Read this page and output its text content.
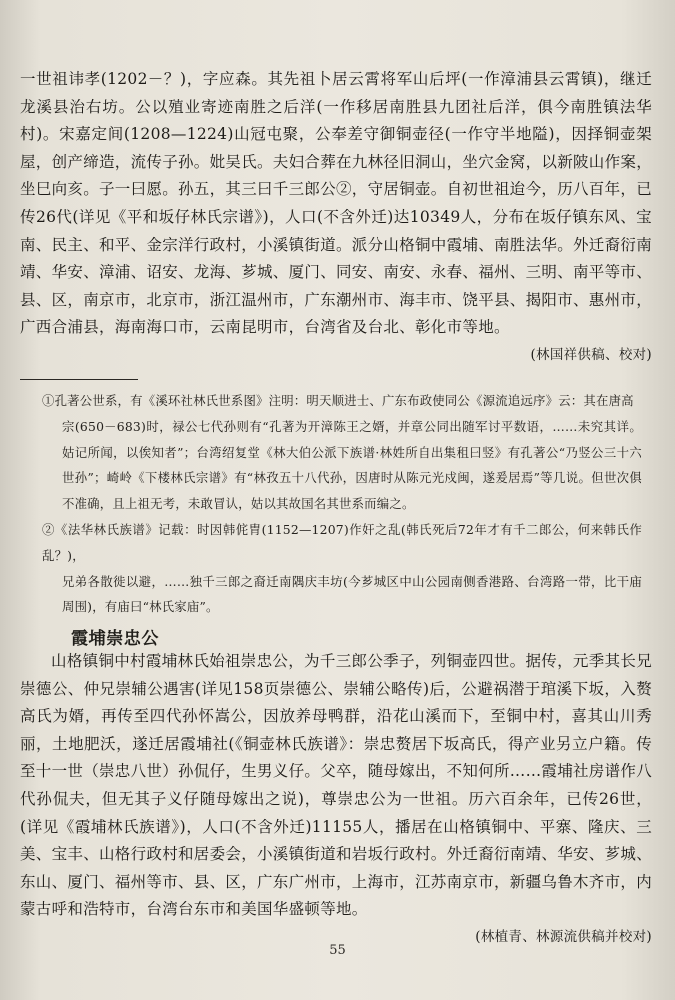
一世祖讳孝(1202－？)，字应森。其先祖卜居云霄将军山后坪(一作漳浦县云霄镇)，继迁龙溪县治右坊。公以殖业寄迹南胜之后洋(一作移居南胜县九团社后洋，俱今南胜镇法华村)。宋嘉定间(1208—1224)山冠屯聚，公奉差守御铜壶径(一作守半地隘)，因择铜壶架屋，创产缔造，流传子孙。妣吴氏。夫妇合葬在九林径旧洞山，坐穴金窝，以新陂山作案，坐巳向亥。子一曰愿。孙五，其三曰千三郎公②，守居铜壶。自初世祖迨今，历八百年，已传26代(详见《平和坂仔林氏宗谱》)，人口(不含外迁)达10349人，分布在坂仔镇东风、宝南、民主、和平、金宗洋行政村，小溪镇街道。派分山格铜中霞埔、南胜法华。外迁裔衍南靖、华安、漳浦、诏安、龙海、芗城、厦门、同安、南安、永春、福州、三明、南平等市、县、区，南京市，北京市，浙江温州市，广东潮州市、海丰市、饶平县、揭阳市、惠州市，广西合浦县，海南海口市，云南昆明市，台湾省及台北、彰化市等地。

(林国祥供稿、校对)

①孔著公世系，有《溪环社林氏世系图》注明：明天顺进士、广东布政使同公《源流追远序》云：其在唐高

宗(650－683)时，禄公七代孙则有“孔著为开漳陈王之婿，并章公同出随军讨平数语，……未究其详。姑记所闻，以俟知者”；台湾绍复堂《林大伯公派下族谱·林姓所自出集租曰竖》有孔著公“乃竖公三十六世孙”；崎岭《下楼林氏宗谱》有“林孜五十八代孙，因唐时从陈元光戍闽，遂爰居焉”等几说。但世次俱不准确，且上祖无考，未敢冒认，姑以其故国名其世系而编之。

②《法华林氏族谱》记载：时因韩侂胄(1152—1207)作奸之乱(韩氏死后72年才有千二郎公，何来韩氏作乱？)，

兄弟各散徙以避，……独千三郎之裔迁南隅庆丰坊(今芗城区中山公园南侧香港路、台湾路一带，比干庙周围)，有庙曰“林氏家庙”。

霞埔崇忠公

山格镇铜中村霞埔林氏始祖崇忠公，为千三郎公季子，列铜壶四世。据传，元季其长兄崇德公、仲兄崇辅公遇害(详见158页崇德公、崇辅公略传)后，公避祸潜于琯溪下坂，入赘高氏为婿，再传至四代孙怀嵩公，因放养母鸭群，沿花山溪而下，至铜中村，喜其山川秀丽，土地肥沃，遂迁居霞埔社(《铜壶林氏族谱》：崇忠赘居下坂高氏，得产业另立户籍。传至十一世（崇忠八世）孙侃仔，生男义仔。父卒，随母嫁出，不知何所……霞埔社房谱作八代孙侃夫，但无其子义仔随母嫁出之说)，尊崇忠公为一世祖。历六百余年，已传26世，(详见《霞埔林氏族谱》)，人口(不含外迁)11155人，播居在山格镇铜中、平寨、隆庆、三美、宝丰、山格行政村和居委会，小溪镇街道和岩坂行政村。外迁裔衍南靖、华安、芗城、东山、厦门、福州等市、县、区，广东广州市，上海市，江苏南京市，新疆乌鲁木齐市，内蒙古呼和浩特市，台湾台东市和美国华盛顿等地。

(林植青、林源流供稿并校对)
55
